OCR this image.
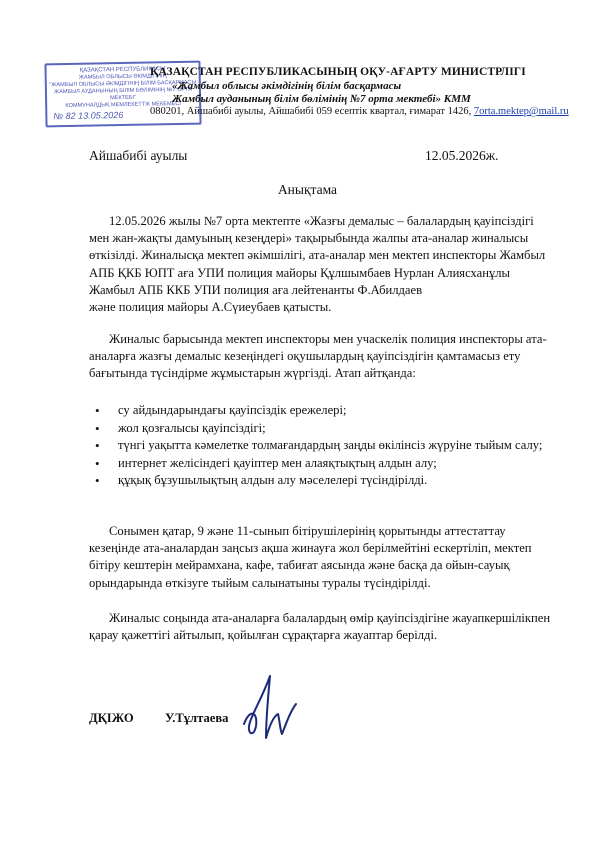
ҚАЗАҚСТАН РЕСПУБЛИКАСЫ
ЖАМБЫЛ ОБЛЫСЫ ӘКІМДІГІНІҢ
"ЖАМБЫЛ ОБЛЫСЫ ӘКІМДІГІНІҢ БІЛІМ БАСҚАРМАСЫ
ЖАМБЫЛ АУДАНЫНЫҢ БІЛІМ БӨЛІМІНІҢ №7 ОРТА МЕКТЕБІ"
КОММУНАЛДЫҚ МЕМЛЕКЕТТІК МЕКЕМЕСІ
№ 82 13.05.2026
ҚАЗАҚСТАН РЕСПУБЛИКАСЫНЫҢ ОҚУ-АҒАРТУ МИНИСТРЛІГІ
«Жамбыл облысы әкімдігінің білім басқармасы
Жамбыл ауданының білім бөлімінің №7 орта мектебі» КММ
080201, Айшабибі ауылы, Айшабибі 059 есептік квартал, ғимарат 1426, 7orta.mektep@mail.ru
Айшабибі ауылы	12.05.2026ж.
Анықтама
12.05.2026 жылы №7 орта мектепте «Жазғы демалыс – балалардың қауіпсіздігі
мен жан-жақты дамуының кезеңдері» тақырыбында жалпы ата-аналар жиналысы
өткізілді. Жиналысқа мектеп әкімшілігі, ата-аналар мен мектеп инспекторы Жамбыл
АПБ ҚКБ ЮПТ аға УПИ полиция майоры Құлшымбаев Нурлан Алиясханұлы
Жамбыл АПБ ККБ УПИ полиция аға лейтенанты Ф.Абилдаев
және полиция майоры А.Сүиеубаев қатысты.
Жиналыс барысында мектеп инспекторы мен учаскелік полиция инспекторы ата-
аналарға жазғы демалыс кезеңіндегі оқушылардың қауіпсіздігін қамтамасыз ету
бағытында түсіндірме жұмыстарын жүргізді. Атап айтқанда:
• су айдындарындағы қауіпсіздік ережелері;
• жол қозғалысы қауіпсіздігі;
• түнгі уақытта кәмелетке толмағандардың заңды өкілінсіз жүруіне тыйым салу;
• интернет желісіндегі қауіптер мен алаяқтықтың алдын алу;
• құқық бұзушылықтың алдын алу мәселелері түсіндірілді.
Сонымен қатар, 9 және 11-сынып бітірушілерінің қорытынды аттестаттау
кезеңінде ата-аналардан заңсыз ақша жинауға жол берілмейтіні ескертіліп, мектеп
бітіру кештерін мейрамхана, кафе, табиғат аясында және басқа да ойын-сауық
орындарында өткізуге тыйым салынатыны туралы түсіндірілді.
Жиналыс соңында ата-аналарға балалардың өмір қауіпсіздігіне жауапкершілікпен
қарау қажеттігі айтылып, қойылған сұрақтарға жауаптар берілді.
ДҚІЖО У.Тұлтаева
